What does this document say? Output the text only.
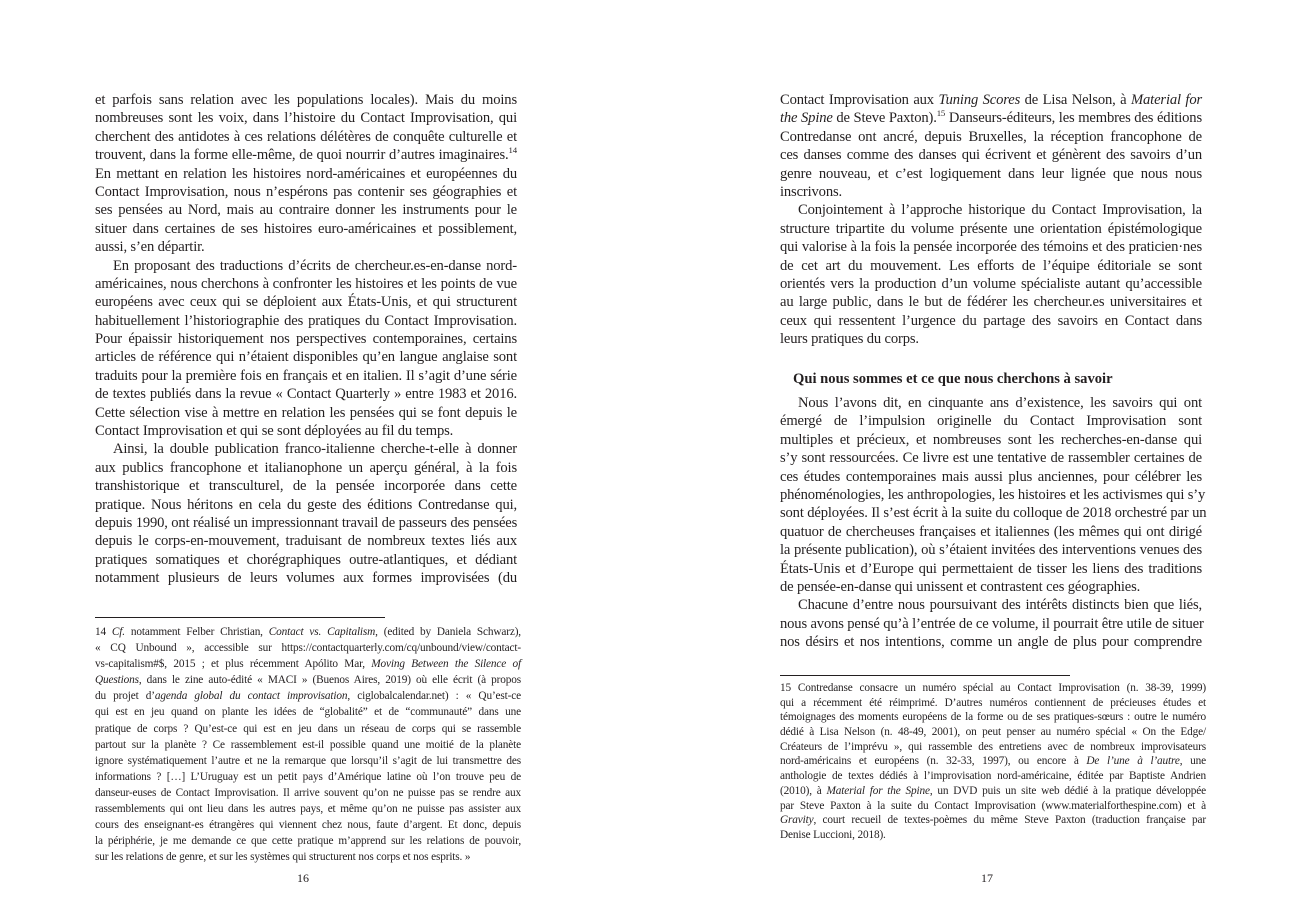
et parfois sans relation avec les populations locales). Mais du moins
nombreuses sont les voix, dans l’histoire du Contact Improvisation, qui
cherchent des antidotes à ces relations délétères de conquête culturelle et
trouvent, dans la forme elle-même, de quoi nourrir d’autres imaginaires.$^{14}$
En mettant en relation les histoires nord-américaines et européennes du
Contact Improvisation, nous n’espérons pas contenir ses géographies et
ses pensées au Nord, mais au contraire donner les instruments pour le
situer dans certaines de ses histoires euro-américaines et possiblement,
aussi, s’en départir.
En proposant des traductions d’écrits de chercheur.es-en-danse nord-
américaines, nous cherchons à confronter les histoires et les points de vue
européens avec ceux qui se déploient aux États-Unis, et qui structurent
habituellement l’historiographie des pratiques du Contact Improvisation.
Pour épaissir historiquement nos perspectives contemporaines, certains
articles de référence qui n’étaient disponibles qu’en langue anglaise sont
traduits pour la première fois en français et en italien. Il s’agit d’une série
de textes publiés dans la revue « Contact Quarterly » entre 1983 et 2016.
Cette sélection vise à mettre en relation les pensées qui se font depuis le
Contact Improvisation et qui se sont déployées au fil du temps.
Ainsi, la double publication franco-italienne cherche-t-elle à donner
aux publics francophone et italianophone un aperçu général, à la fois
transhistorique et transculturel, de la pensée incorporée dans cette
pratique. Nous héritons en cela du geste des éditions Contredanse qui,
depuis 1990, ont réalisé un impressionnant travail de passeurs des pensées
depuis le corps-en-mouvement, traduisant de nombreux textes liés aux
pratiques somatiques et chorégraphiques outre-atlantiques, et dédiant
notamment plusieurs de leurs volumes aux formes improvisées (du
14 Cf. notamment Felber Christian, Contact vs. Capitalism, (edited by Daniela Schwarz),
« CQ Unbound », accessible sur https://contactquarterly.com/cq/unbound/view/contact-
vs-capitalism#$, 2015 ; et plus récemment Apólito Mar, Moving Between the Silence of
Questions, dans le zine auto-édité « MACI » (Buenos Aires, 2019) où elle écrit (à propos
du projet d’agenda global du contact improvisation, ciglobalcalendar.net) : « Qu’est-ce
qui est en jeu quand on plante les idées de “globalité” et de “communauté” dans une
pratique de corps ? Qu’est-ce qui est en jeu dans un réseau de corps qui se rassemble
partout sur la planète ? Ce rassemblement est-il possible quand une moitié de la planète
ignore systématiquement l’autre et ne la remarque que lorsqu’il s’agit de lui transmettre des
informations ? […] L’Uruguay est un petit pays d’Amérique latine où l’on trouve peu de
danseur-euses de Contact Improvisation. Il arrive souvent qu’on ne puisse pas se rendre aux
rassemblements qui ont lieu dans les autres pays, et même qu’on ne puisse pas assister aux
cours des enseignant-es étrangères qui viennent chez nous, faute d’argent. Et donc, depuis
la périphérie, je me demande ce que cette pratique m’apprend sur les relations de pouvoir,
sur les relations de genre, et sur les systèmes qui structurent nos corps et nos esprits. »
16
Contact Improvisation aux Tuning Scores de Lisa Nelson, à Material for
the Spine de Steve Paxton).$^{15}$ Danseurs-éditeurs, les membres des éditions
Contredanse ont ancré, depuis Bruxelles, la réception francophone de
ces danses comme des danses qui écrivent et génèrent des savoirs d’un
genre nouveau, et c’est logiquement dans leur lignée que nous nous
inscrivons.
Conjointement à l’approche historique du Contact Improvisation, la
structure tripartite du volume présente une orientation épistémologique
qui valorise à la fois la pensée incorporée des témoins et des praticien·nes
de cet art du mouvement. Les efforts de l’équipe éditoriale se sont
orientés vers la production d’un volume spécialiste autant qu’accessible
au large public, dans le but de fédérer les chercheur.es universitaires et
ceux qui ressentent l’urgence du partage des savoirs en Contact dans
leurs pratiques du corps.
Qui nous sommes et ce que nous cherchons à savoir
Nous l’avons dit, en cinquante ans d’existence, les savoirs qui ont
émergé de l’impulsion originelle du Contact Improvisation sont
multiples et précieux, et nombreuses sont les recherches-en-danse qui
s’y sont ressourcées. Ce livre est une tentative de rassembler certaines de
ces études contemporaines mais aussi plus anciennes, pour célébrer les
phénoménologies, les anthropologies, les histoires et les activismes qui s’y
sont déployées. Il s’est écrit à la suite du colloque de 2018 orchestré par un
quatuor de chercheuses françaises et italiennes (les mêmes qui ont dirigé
la présente publication), où s’étaient invitées des interventions venues des
États-Unis et d’Europe qui permettaient de tisser les liens des traditions
de pensée-en-danse qui unissent et contrastent ces géographies.
Chacune d’entre nous poursuivant des intérêts distincts bien que liés,
nous avons pensé qu’à l’entrée de ce volume, il pourrait être utile de situer
nos désirs et nos intentions, comme un angle de plus pour comprendre
15 Contredanse consacre un numéro spécial au Contact Improvisation (n. 38-39, 1999)
qui a récemment été réimprimé. D’autres numéros contiennent de précieuses études et
témoignages des moments européens de la forme ou de ses pratiques-sœurs : outre le numéro
dédié à Lisa Nelson (n. 48-49, 2001), on peut penser au numéro spécial « On the Edge/
Créateurs de l’imprévu », qui rassemble des entretiens avec de nombreux improvisateurs
nord-américains et européens (n. 32-33, 1997), ou encore à De l’une à l’autre, une
anthologie de textes dédiés à l’improvisation nord-américaine, éditée par Baptiste Andrien
(2010), à Material for the Spine, un DVD puis un site web dédié à la pratique développée
par Steve Paxton à la suite du Contact Improvisation (www.materialforthespine.com) et à
Gravity, court recueil de textes-poèmes du même Steve Paxton (traduction française par
Denise Luccioni, 2018).
17
